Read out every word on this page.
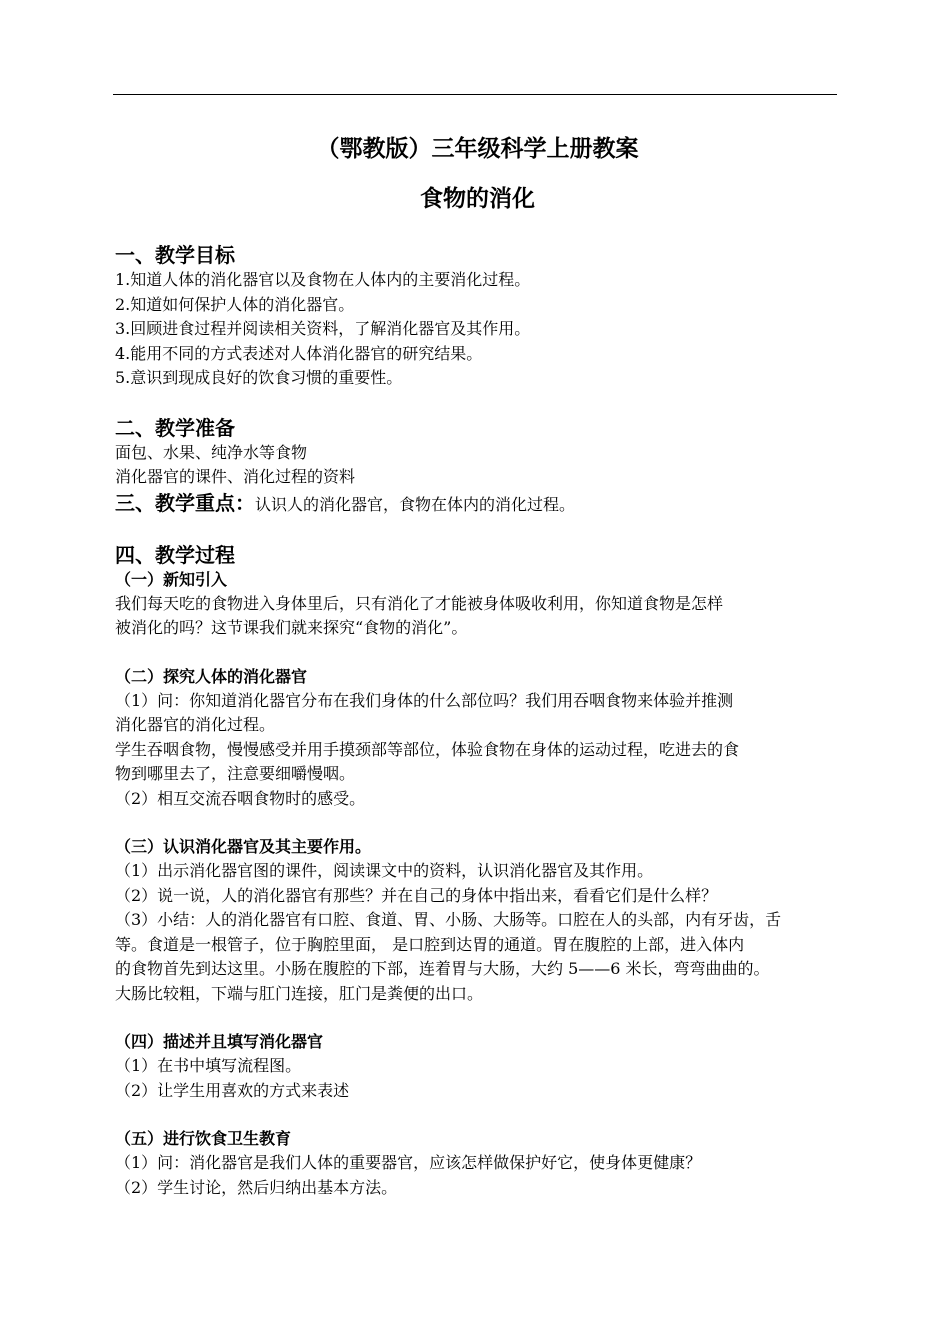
（鄂教版）三年级科学上册教案
食物的消化
一、教学目标
1.知道人体的消化器官以及食物在人体内的主要消化过程。
2.知道如何保护人体的消化器官。
3.回顾进食过程并阅读相关资料，了解消化器官及其作用。
4.能用不同的方式表述对人体消化器官的研究结果。
5.意识到现成良好的饮食习惯的重要性。
二、教学准备
面包、水果、纯净水等食物
消化器官的课件、消化过程的资料
三、教学重点：认识人的消化器官，食物在体内的消化过程。
四、教学过程
（一）新知引入
我们每天吃的食物进入身体里后，只有消化了才能被身体吸收利用，你知道食物是怎样
被消化的吗？这节课我们就来探究“食物的消化”。
（二）探究人体的消化器官
（1）问：你知道消化器官分布在我们身体的什么部位吗？我们用吞咽食物来体验并推测
消化器官的消化过程。
学生吞咽食物，慢慢感受并用手摸颈部等部位，体验食物在身体的运动过程，吃进去的食
物到哪里去了，注意要细嚼慢咽。
（2）相互交流吞咽食物时的感受。
（三）认识消化器官及其主要作用。
（1）出示消化器官图的课件，阅读课文中的资料，认识消化器官及其作用。
（2）说一说，人的消化器官有那些？并在自己的身体中指出来，看看它们是什么样？
（3）小结：人的消化器官有口腔、食道、胃、小肠、大肠等。口腔在人的头部，内有牙齿，舌
等。食道是一根管子，位于胸腔里面， 是口腔到达胃的通道。胃在腹腔的上部，进入体内
的食物首先到达这里。小肠在腹腔的下部，连着胃与大肠，大约 5——6 米长，弯弯曲曲的。
大肠比较粗，下端与肛门连接，肛门是粪便的出口。
（四）描述并且填写消化器官
（1）在书中填写流程图。
（2）让学生用喜欢的方式来表述
（五）进行饮食卫生教育
（1）问：消化器官是我们人体的重要器官，应该怎样做保护好它，使身体更健康？
（2）学生讨论，然后归纳出基本方法。
